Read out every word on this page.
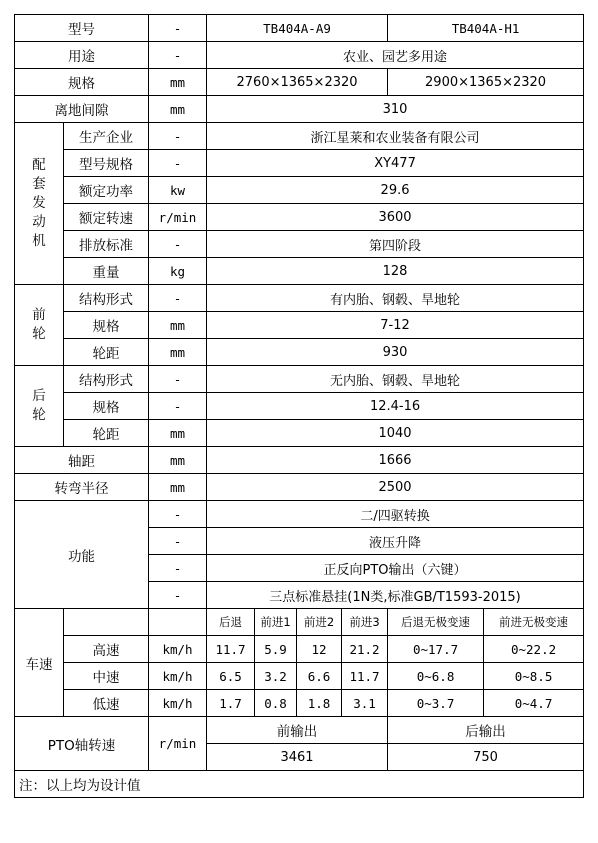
型号		-	TB404A-A9				TB404A-H1	
用途		-	农业、园艺多用途					
规格		mm	2760×1365×2320				2900×1365×2320	
离地间隙		mm	310					

配
套
发
动
机	生产企业	-	浙江星莱和农业装备有限公司					
	型号规格	-	XY477					
	额定功率	kw	29.6					
	额定转速	r/min	3600					
	排放标准	-	第四阶段					
	重量	kg	128					

前
轮	结构形式	-	有内胎、钢毂、旱地轮					
	规格	mm	7-12					
	轮距	mm	930					

后
轮	结构形式	-	无内胎、钢毂、旱地轮					
	规格	-	12.4-16					
	轮距	mm	1040					
轴距		mm	1666					
转弯半径		mm	2500					
功能		-	二/四驱转换					
		-	液压升降					
		-	正反向PTO输出（六键）					
		-	三点标准悬挂(1N类,标准GB/T1593-2015)					
车速			后退	前进1	前进2	前进3	后退无极变速	前进无极变速
	高速	km/h	11.7	5.9	12	21.2	0~17.7	0~22.2
	中速	km/h	6.5	3.2	6.6	11.7	0~6.8	0~8.5
	低速	km/h	1.7	0.8	1.8	3.1	0~3.7	0~4.7
PTO轴转速		r/min	前输出				后输出	
			3461				750	
注：以上均为设计值								
